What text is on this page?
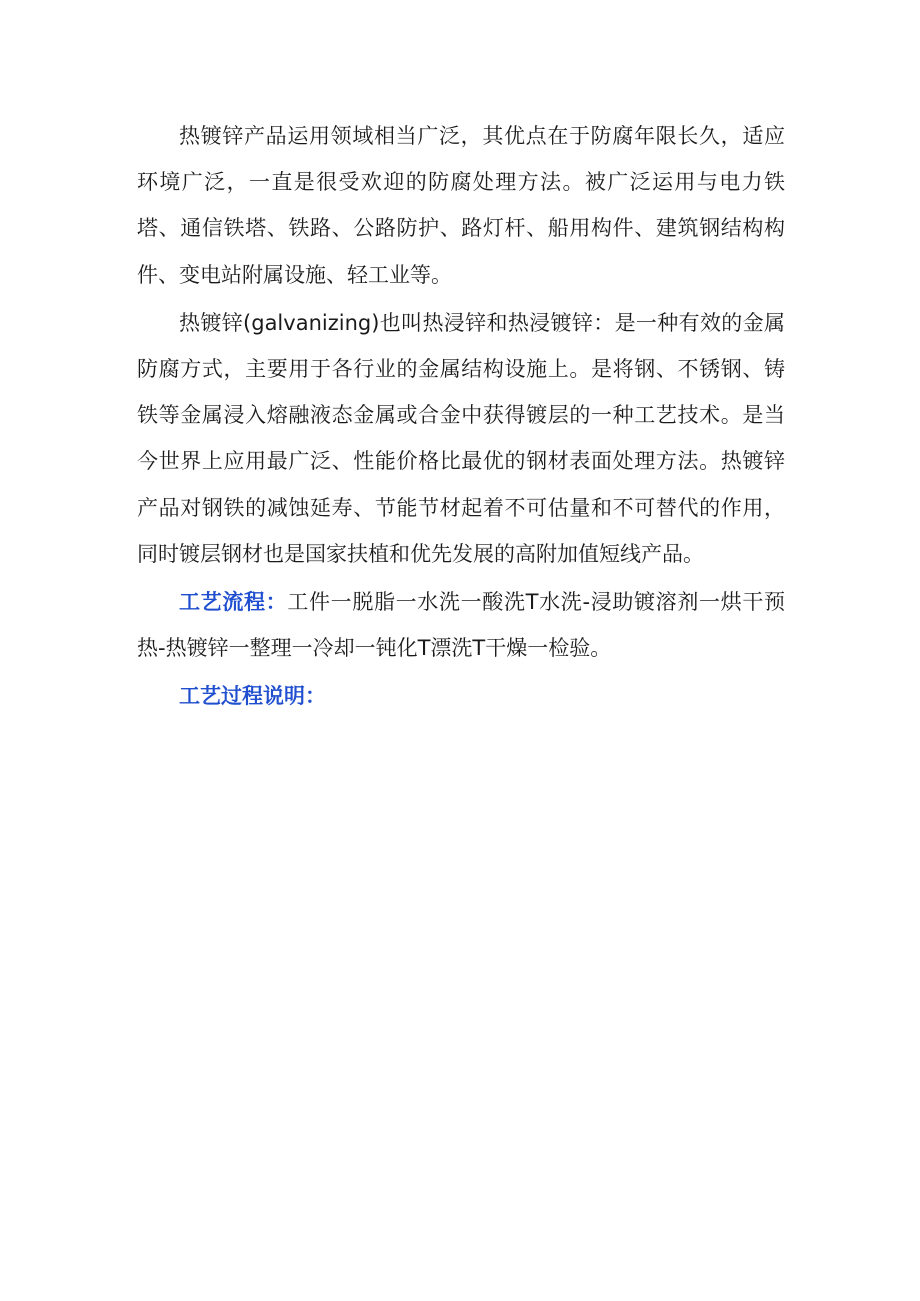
热镀锌产品运用领域相当广泛，其优点在于防腐年限长久，适应环境广泛，一直是很受欢迎的防腐处理方法。被广泛运用与电力铁塔、通信铁塔、铁路、公路防护、路灯杆、船用构件、建筑钢结构构件、变电站附属设施、轻工业等。

热镀锌(galvanizing)也叫热浸锌和热浸镀锌：是一种有效的金属防腐方式，主要用于各行业的金属结构设施上。是将钢、不锈钢、铸铁等金属浸入熔融液态金属或合金中获得镀层的一种工艺技术。是当今世界上应用最广泛、性能价格比最优的钢材表面处理方法。热镀锌产品对钢铁的减蚀延寿、节能节材起着不可估量和不可替代的作用，同时镀层钢材也是国家扶植和优先发展的高附加值短线产品。

工艺流程：工件一脱脂一水洗一酸洗T水洗-浸助镀溶剂一烘干预热-热镀锌一整理一冷却一钝化T漂洗T干燥一检验。

工艺过程说明：
